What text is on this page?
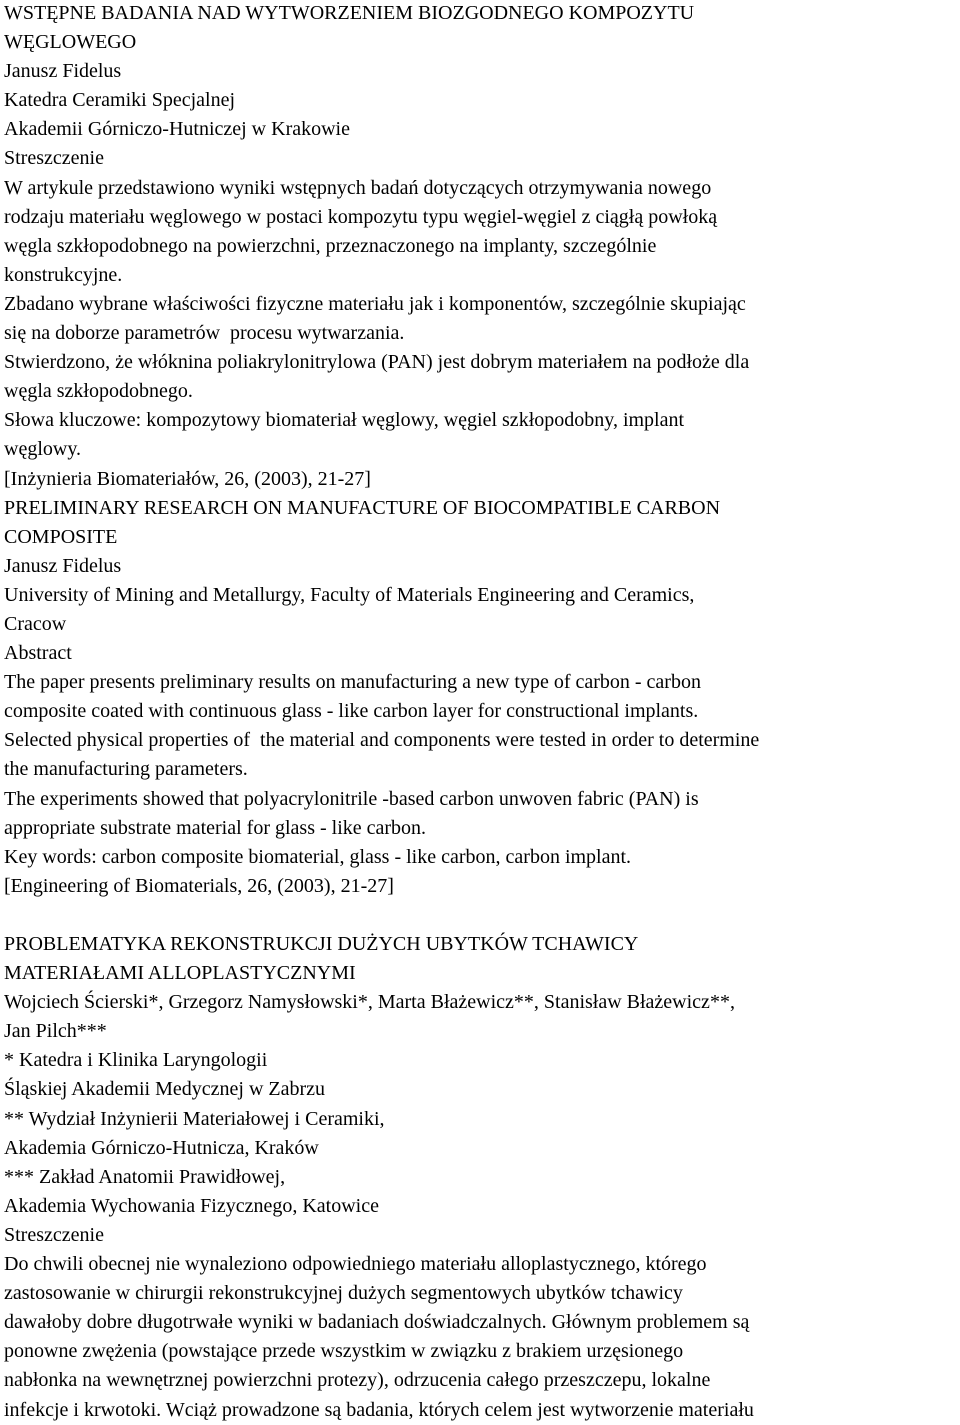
WSTĘPNE BADANIA NAD WYTWORZENIEM BIOZGODNEGO KOMPOZYTU
WĘGLOWEGO
Janusz Fidelus
Katedra Ceramiki Specjalnej
Akademii Górniczo-Hutniczej w Krakowie
Streszczenie
W artykule przedstawiono wyniki wstępnych badań dotyczących otrzymywania nowego
rodzaju materiału węglowego w postaci kompozytu typu węgiel-węgiel z ciągłą powłoką
węgla szkłopodobnego na powierzchni, przeznaczonego na implanty, szczególnie
konstrukcyjne.
Zbadano wybrane właściwości fizyczne materiału jak i komponentów, szczególnie skupiając
się na doborze parametrów  procesu wytwarzania.
Stwierdzono, że włóknina poliakrylonitrylowa (PAN) jest dobrym materiałem na podłoże dla
węgla szkłopodobnego.
Słowa kluczowe: kompozytowy biomateriał węglowy, węgiel szkłopodobny, implant
węglowy.
[Inżynieria Biomateriałów, 26, (2003), 21-27]
PRELIMINARY RESEARCH ON MANUFACTURE OF BIOCOMPATIBLE CARBON
COMPOSITE
Janusz Fidelus
University of Mining and Metallurgy, Faculty of Materials Engineering and Ceramics,
Cracow
Abstract
The paper presents preliminary results on manufacturing a new type of carbon - carbon
composite coated with continuous glass - like carbon layer for constructional implants.
Selected physical properties of  the material and components were tested in order to determine
the manufacturing parameters.
The experiments showed that polyacrylonitrile -based carbon unwoven fabric (PAN) is
appropriate substrate material for glass - like carbon.
Key words: carbon composite biomaterial, glass - like carbon, carbon implant.
[Engineering of Biomaterials, 26, (2003), 21-27]
PROBLEMATYKA REKONSTRUKCJI DUŻYCH UBYTKÓW TCHAWICY
MATERIAŁAMI ALLOPLASTYCZNYMI
Wojciech Ścierski*, Grzegorz Namysłowski*, Marta Błażewicz**, Stanisław Błażewicz**,
Jan Pilch***
* Katedra i Klinika Laryngologii
Śląskiej Akademii Medycznej w Zabrzu
** Wydział Inżynierii Materiałowej i Ceramiki,
Akademia Górniczo-Hutnicza, Kraków
*** Zakład Anatomii Prawidłowej,
Akademia Wychowania Fizycznego, Katowice
Streszczenie
Do chwili obecnej nie wynaleziono odpowiedniego materiału alloplastycznego, którego
zastosowanie w chirurgii rekonstrukcyjnej dużych segmentowych ubytków tchawicy
dawałoby dobre długotrwałe wyniki w badaniach doświadczalnych. Głównym problemem są
ponowne zwężenia (powstające przede wszystkim w związku z brakiem urzęsionego
nabłonka na wewnętrznej powierzchni protezy), odrzucenia całego przeszczepu, lokalne
infekcje i krwotoki. Wciąż prowadzone są badania, których celem jest wytworzenie materiału
